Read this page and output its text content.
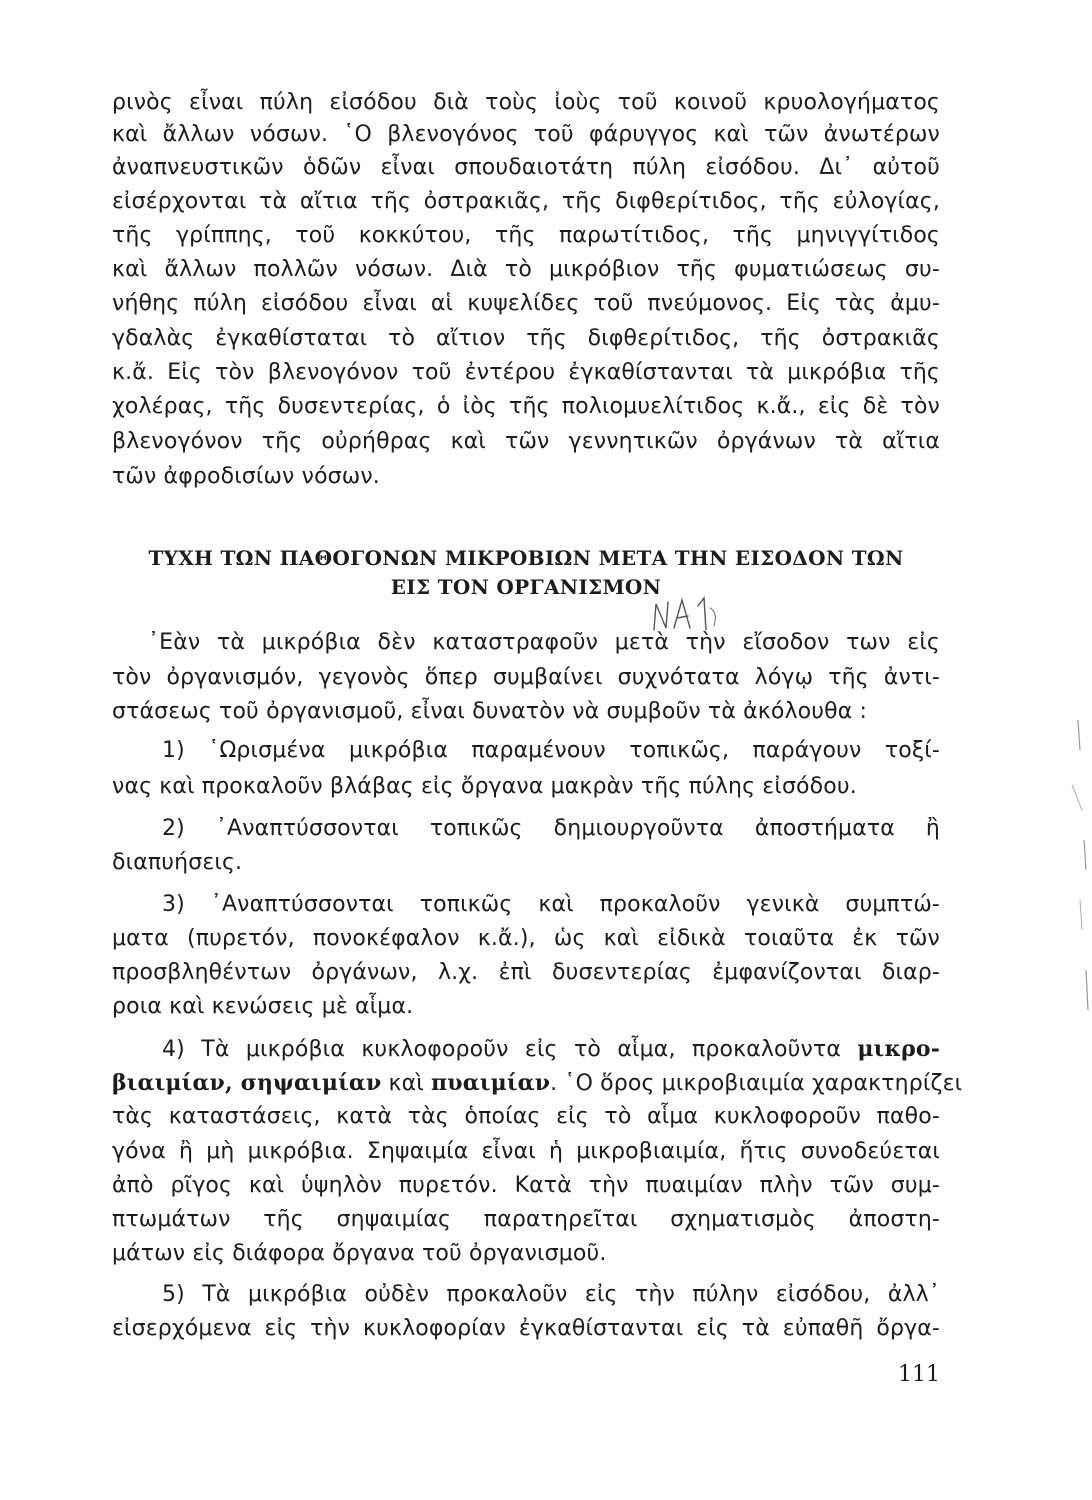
ρινὸς εἶναι πύλη εἰσόδου διὰ τοὺς ἰοὺς τοῦ κοινοῦ κρυολογήματος
καὶ ἄλλων νόσων. ῾Ο βλενογόνος τοῦ φάρυγγος καὶ τῶν ἀνωτέρων
ἀναπνευστικῶν ὁδῶν εἶναι σπουδαιοτάτη πύλη εἰσόδου. Δι᾿ αὐτοῦ
εἰσέρχονται τὰ αἴτια τῆς ὀστρακιᾶς, τῆς διφθερίτιδος, τῆς εὐλογίας,
τῆς γρίππης, τοῦ κοκκύτου, τῆς παρωτίτιδος, τῆς μηνιγγίτιδος
καὶ ἄλλων πολλῶν νόσων. Διὰ τὸ μικρόβιον τῆς φυματιώσεως συ-
νήθης πύλη εἰσόδου εἶναι αἱ κυψελίδες τοῦ πνεύμονος. Εἰς τὰς ἀμυ-
γδαλὰς ἐγκαθίσταται τὸ αἴτιον τῆς διφθερίτιδος, τῆς ὀστρακιᾶς
κ.ἄ. Εἰς τὸν βλενογόνον τοῦ ἐντέρου ἐγκαθίστανται τὰ μικρόβια τῆς
χολέρας, τῆς δυσεντερίας, ὁ ἰὸς τῆς πολιομυελίτιδος κ.ἄ., εἰς δὲ τὸν
βλενογόνον τῆς οὐρήθρας καὶ τῶν γεννητικῶν ὀργάνων τὰ αἴτια
τῶν ἀφροδισίων νόσων.
ΤΥΧΗ ΤΩΝ ΠΑΘΟΓΟΝΩΝ ΜΙΚΡΟΒΙΩΝ ΜΕΤΑ ΤΗΝ ΕΙΣΟΔΟΝ ΤΩΝ
ΕΙΣ ΤΟΝ ΟΡΓΑΝΙΣΜΟΝ
᾿Εὰν τὰ μικρόβια δὲν καταστραφοῦν μετὰ τὴν εἴσοδον των εἰς
τὸν ὀργανισμόν, γεγονὸς ὅπερ συμβαίνει συχνότατα λόγῳ τῆς ἀντι-
στάσεως τοῦ ὀργανισμοῦ, εἶναι δυνατὸν νὰ συμβοῦν τὰ ἀκόλουθα :
1) ῾Ωρισμένα μικρόβια παραμένουν τοπικῶς, παράγουν τοξί-
νας καὶ προκαλοῦν βλάβας εἰς ὄργανα μακρὰν τῆς πύλης εἰσόδου.
2) ᾿Αναπτύσσονται τοπικῶς δημιουργοῦντα ἀποστήματα ἢ
διαπυήσεις.
3) ᾿Αναπτύσσονται τοπικῶς καὶ προκαλοῦν γενικὰ συμπτώ-
ματα (πυρετόν, πονοκέφαλον κ.ἄ.), ὡς καὶ εἰδικὰ τοιαῦτα ἐκ τῶν
προσβληθέντων ὀργάνων, λ.χ. ἐπὶ δυσεντερίας ἐμφανίζονται διαρ-
ροια καὶ κενώσεις μὲ αἷμα.
4) Τὰ μικρόβια κυκλοφοροῦν εἰς τὸ αἷμα, προκαλοῦντα μικρο-
βιαιμίαν, σηψαιμίαν καὶ πυαιμίαν. ῾Ο ὅρος μικροβιαιμία χαρακτηρίζει
τὰς καταστάσεις, κατὰ τὰς ὁποίας εἰς τὸ αἷμα κυκλοφοροῦν παθο-
γόνα ἢ μὴ μικρόβια. Σηψαιμία εἶναι ἡ μικροβιαιμία, ἥτις συνοδεύεται
ἀπὸ ρῖγος καὶ ὑψηλὸν πυρετόν. Κατὰ τὴν πυαιμίαν πλὴν τῶν συμ-
πτωμάτων τῆς σηψαιμίας παρατηρεῖται σχηματισμὸς ἀποστη-
μάτων εἰς διάφορα ὄργανα τοῦ ὀργανισμοῦ.
5) Τὰ μικρόβια οὐδὲν προκαλοῦν εἰς τὴν πύλην εἰσόδου, ἀλλ᾿
εἰσερχόμενα εἰς τὴν κυκλοφορίαν ἐγκαθίστανται εἰς τὰ εὐπαθῆ ὄργα-
111
